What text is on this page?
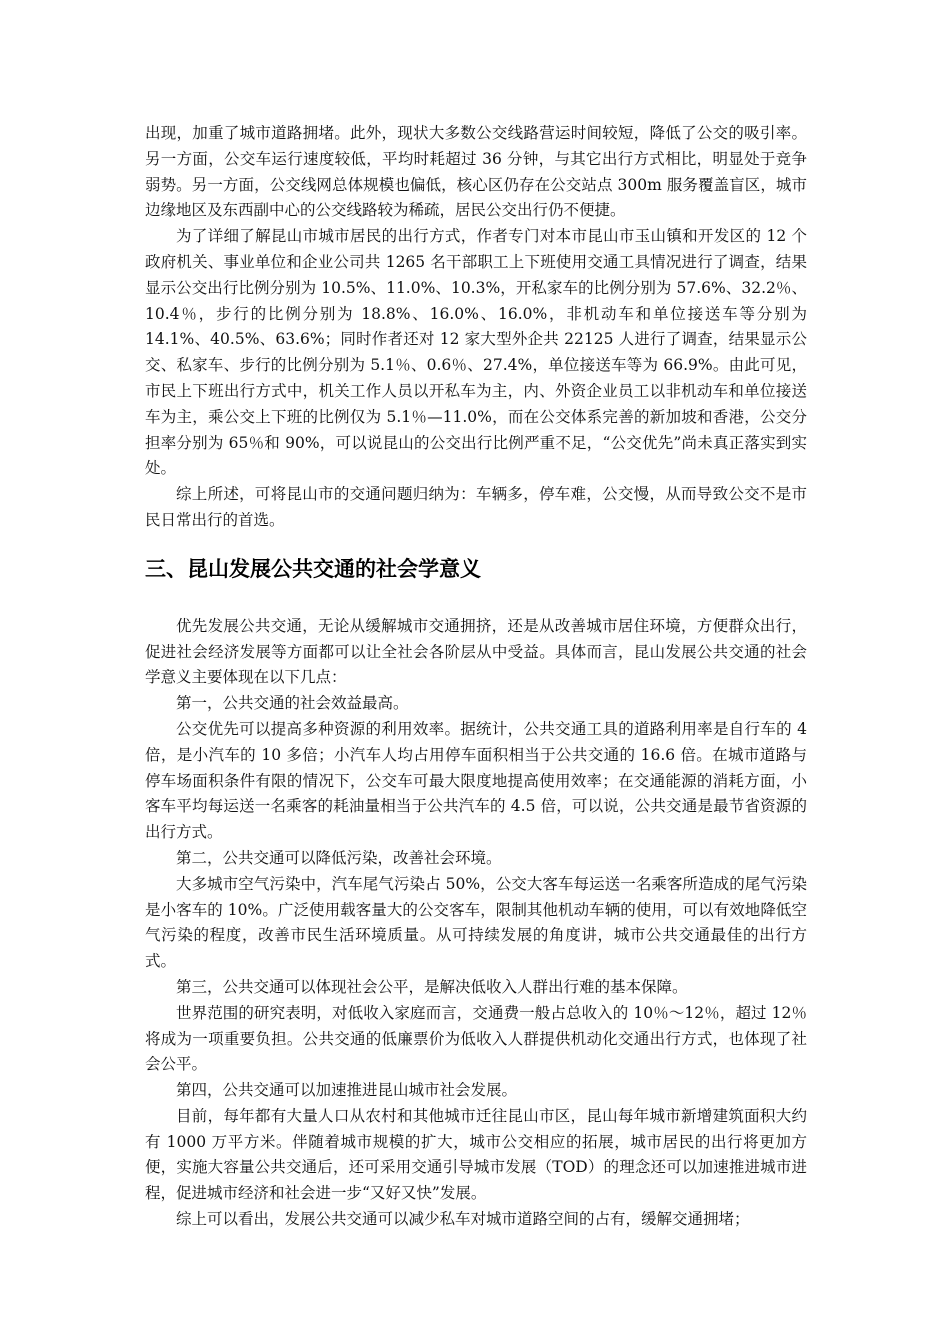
出现，加重了城市道路拥堵。此外，现状大多数公交线路营运时间较短，降低了公交的吸引率。另一方面，公交车运行速度较低，平均时耗超过 36 分钟，与其它出行方式相比，明显处于竞争弱势。另一方面，公交线网总体规模也偏低，核心区仍存在公交站点 300m 服务覆盖盲区，城市边缘地区及东西副中心的公交线路较为稀疏，居民公交出行仍不便捷。

为了详细了解昆山市城市居民的出行方式，作者专门对本市昆山市玉山镇和开发区的 12 个政府机关、事业单位和企业公司共 1265 名干部职工上下班使用交通工具情况进行了调查，结果显示公交出行比例分别为 10.5%、11.0%、10.3%，开私家车的比例分别为 57.6%、32.2％、10.4％，步行的比例分别为 18.8%、16.0%、16.0%，非机动车和单位接送车等分别为 14.1%、40.5%、63.6%；同时作者还对 12 家大型外企共 22125 人进行了调查，结果显示公交、私家车、步行的比例分别为 5.1％、0.6％、27.4%，单位接送车等为 66.9%。由此可见，市民上下班出行方式中，机关工作人员以开私车为主，内、外资企业员工以非机动车和单位接送车为主，乘公交上下班的比例仅为 5.1％—11.0%，而在公交体系完善的新加坡和香港，公交分担率分别为 65％和 90%，可以说昆山的公交出行比例严重不足，“公交优先”尚未真正落实到实处。

综上所述，可将昆山市的交通问题归纳为：车辆多，停车难，公交慢，从而导致公交不是市民日常出行的首选。

三、昆山发展公共交通的社会学意义

优先发展公共交通，无论从缓解城市交通拥挤，还是从改善城市居住环境，方便群众出行，促进社会经济发展等方面都可以让全社会各阶层从中受益。具体而言，昆山发展公共交通的社会学意义主要体现在以下几点：

第一，公共交通的社会效益最高。

公交优先可以提高多种资源的利用效率。据统计，公共交通工具的道路利用率是自行车的 4 倍，是小汽车的 10 多倍；小汽车人均占用停车面积相当于公共交通的 16.6 倍。在城市道路与停车场面积条件有限的情况下，公交车可最大限度地提高使用效率；在交通能源的消耗方面，小客车平均每运送一名乘客的耗油量相当于公共汽车的 4.5 倍，可以说，公共交通是最节省资源的出行方式。

第二，公共交通可以降低污染，改善社会环境。

大多城市空气污染中，汽车尾气污染占 50%，公交大客车每运送一名乘客所造成的尾气污染是小客车的 10%。广泛使用载客量大的公交客车，限制其他机动车辆的使用，可以有效地降低空气污染的程度，改善市民生活环境质量。从可持续发展的角度讲，城市公共交通最佳的出行方式。

第三，公共交通可以体现社会公平，是解决低收入人群出行难的基本保障。

世界范围的研究表明，对低收入家庭而言，交通费一般占总收入的 10％～12％，超过 12％将成为一项重要负担。公共交通的低廉票价为低收入人群提供机动化交通出行方式，也体现了社会公平。

第四，公共交通可以加速推进昆山城市社会发展。

目前，每年都有大量人口从农村和其他城市迁往昆山市区，昆山每年城市新增建筑面积大约有 1000 万平方米。伴随着城市规模的扩大，城市公交相应的拓展，城市居民的出行将更加方便，实施大容量公共交通后，还可采用交通引导城市发展（TOD）的理念还可以加速推进城市进程，促进城市经济和社会进一步“又好又快”发展。

综上可以看出，发展公共交通可以减少私车对城市道路空间的占有，缓解交通拥堵；
